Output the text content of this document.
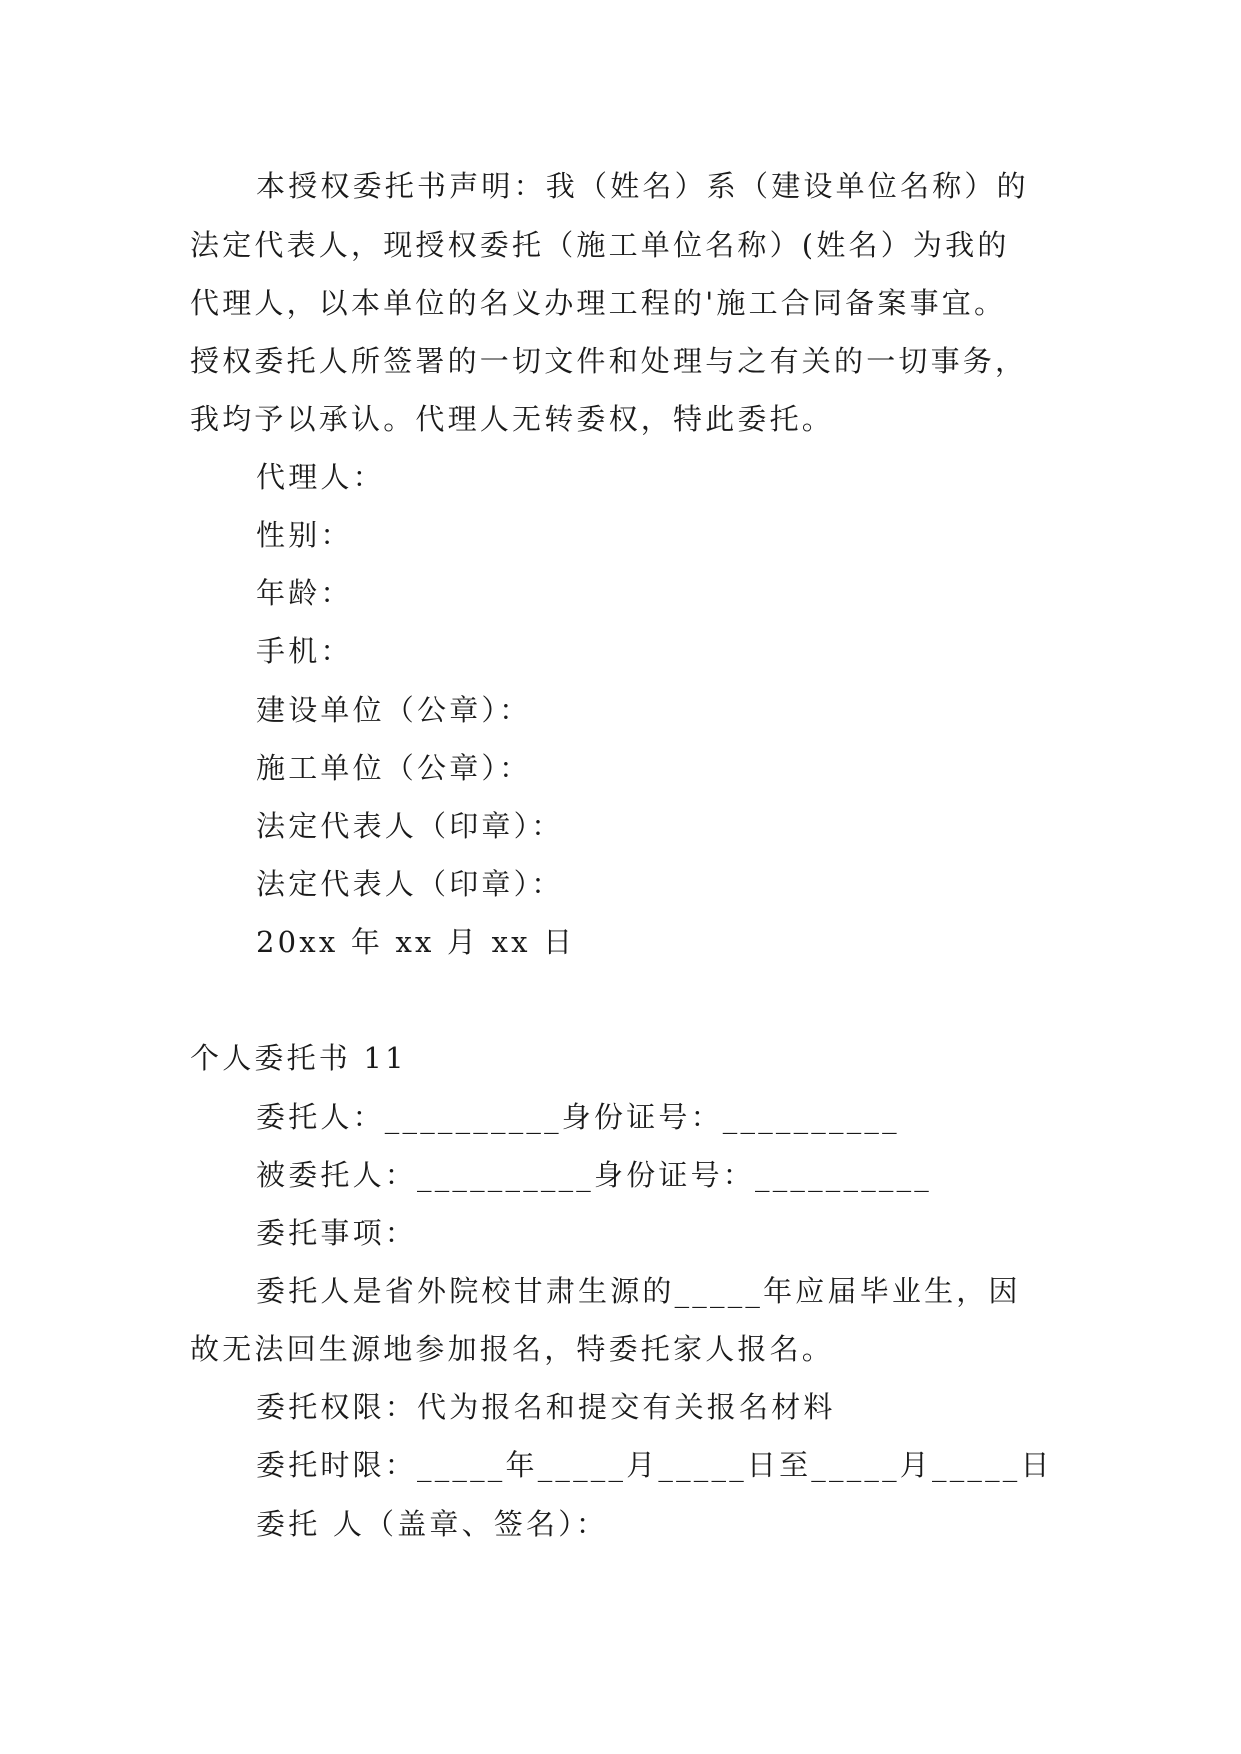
本授权委托书声明：我（姓名）系（建设单位名称）的
法定代表人，现授权委托（施工单位名称）(姓名）为我的
代理人，以本单位的名义办理工程的'施工合同备案事宜。
授权委托人所签署的一切文件和处理与之有关的一切事务，
我均予以承认。代理人无转委权，特此委托。
代理人：
性别：
年龄：
手机：
建设单位（公章）：
施工单位（公章）：
法定代表人（印章）：
法定代表人（印章）：
20xx 年 xx 月 xx 日
个人委托书 11
委托人：__________身份证号：__________
被委托人：__________身份证号：__________
委托事项：
委托人是省外院校甘肃生源的_____年应届毕业生，因
故无法回生源地参加报名，特委托家人报名。
委托权限：代为报名和提交有关报名材料
委托时限：_____年_____月_____日至_____月_____日
委托 人（盖章、签名）：
